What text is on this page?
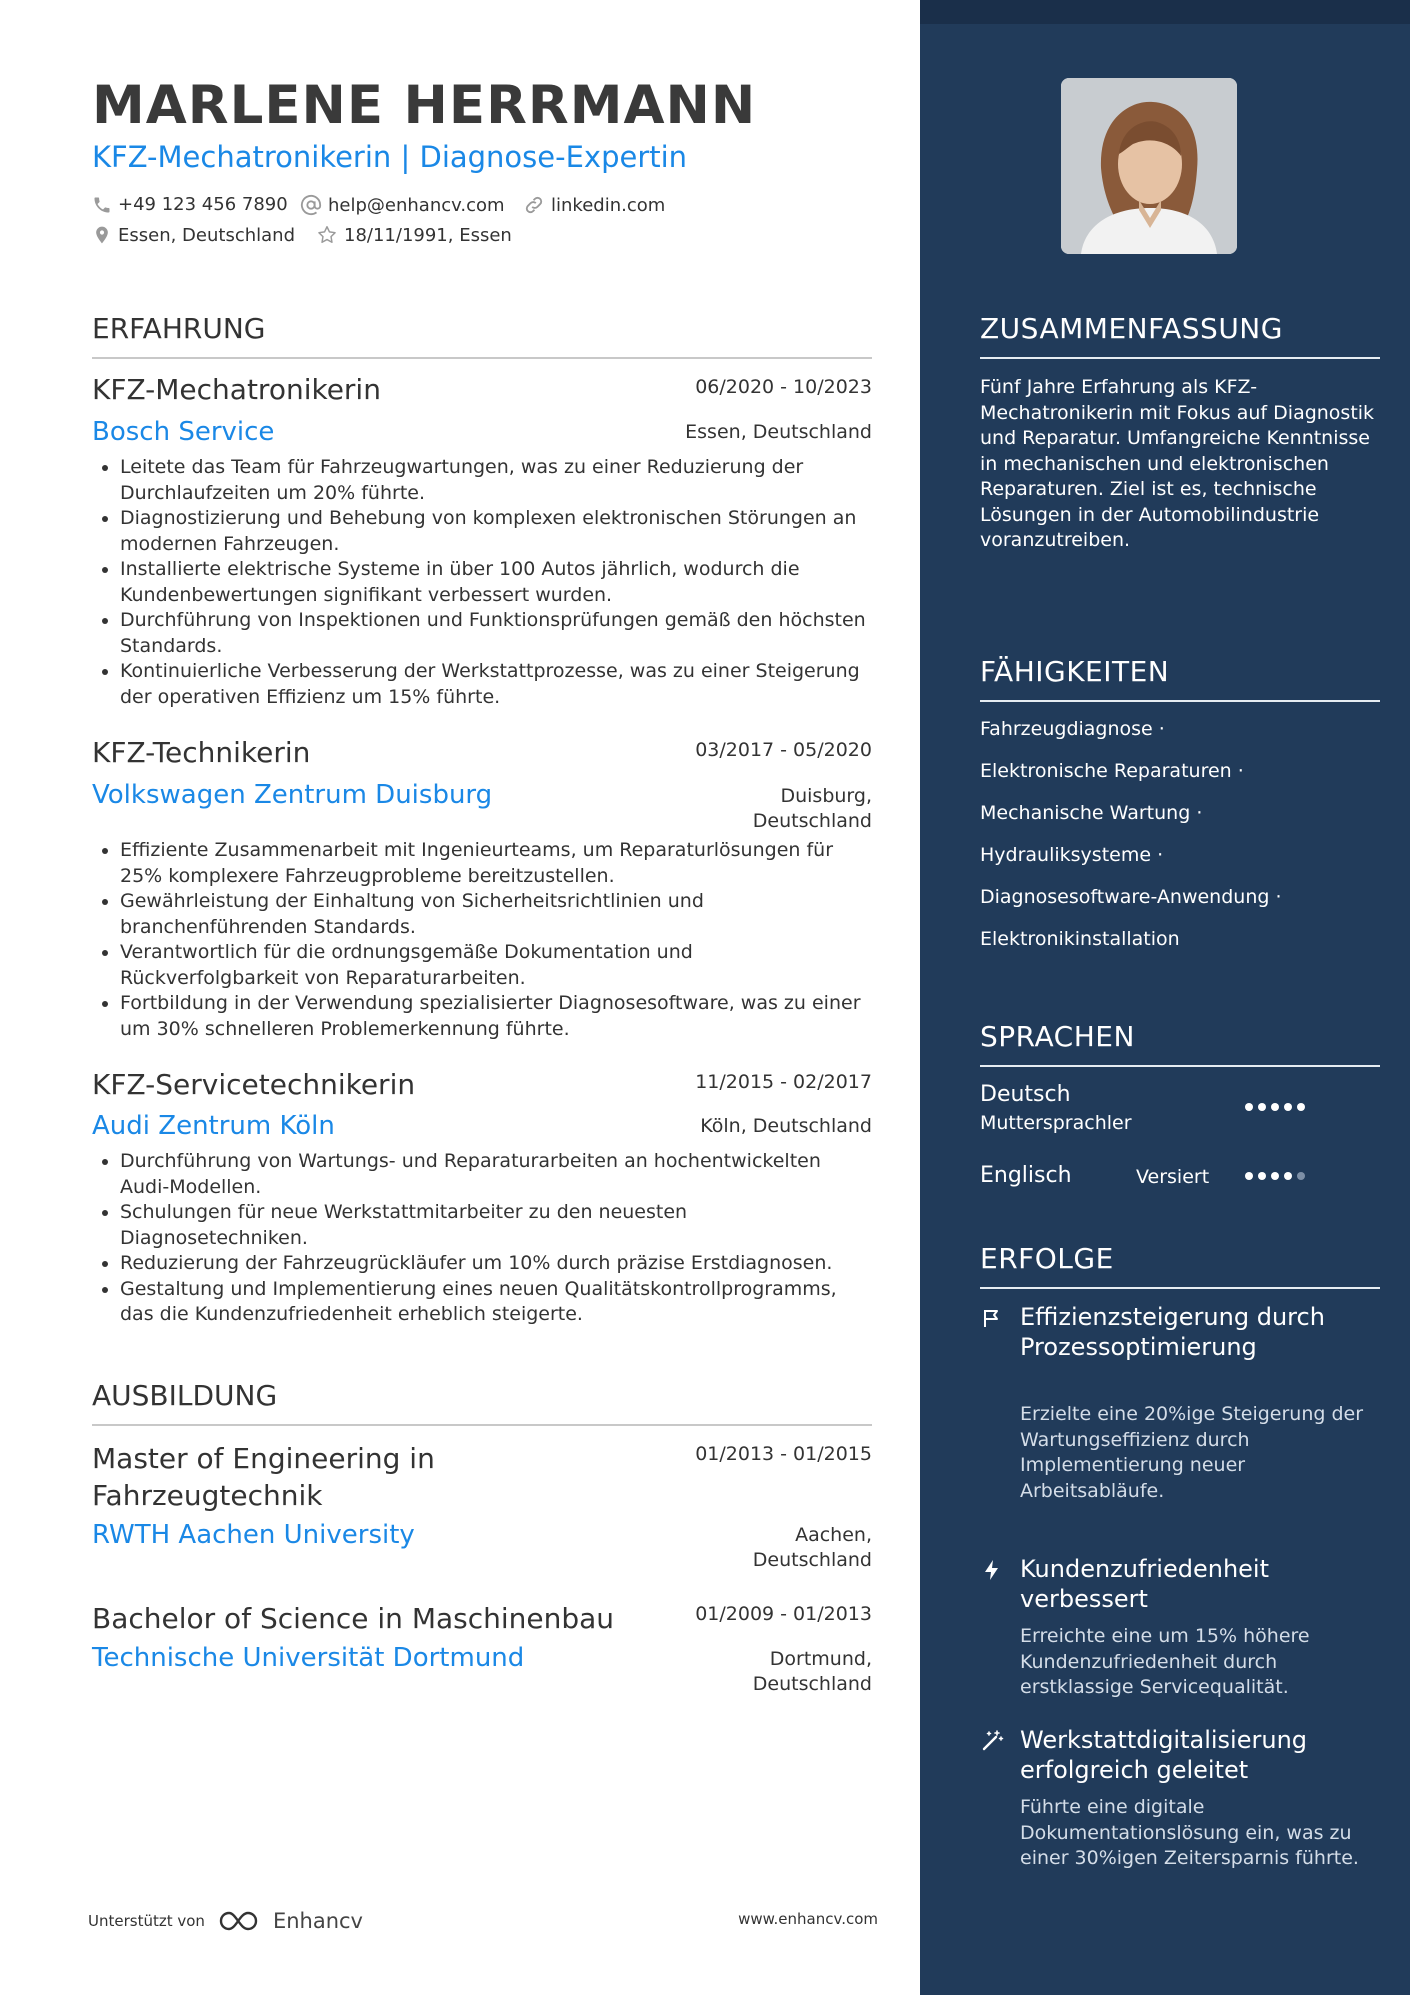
MARLENE HERRMANN
KFZ-Mechatronikerin | Diagnose-Expertin
+49 123 456 7890 help@enhancv.com	linkedin.com
Essen, Deutschland	18/11/1991, Essen
ERFAHRUNG
KFZ-Mechatronikerin	06/2020 - 10/2023
Bosch Service	Essen, Deutschland
• Leitete das Team für Fahrzeugwartungen, was zu einer Reduzierung der Durchlaufzeiten um 20% führte.
• Diagnostizierung und Behebung von komplexen elektronischen Störungen an modernen Fahrzeugen.
• Installierte elektrische Systeme in über 100 Autos jährlich, wodurch die Kundenbewertungen signifikant verbessert wurden.
• Durchführung von Inspektionen und Funktionsprüfungen gemäß den höchsten Standards.
• Kontinuierliche Verbesserung der Werkstattprozesse, was zu einer Steigerung der operativen Effizienz um 15% führte.
KFZ-Technikerin	03/2017 - 05/2020
Volkswagen Zentrum Duisburg	Duisburg,
Deutschland
• Effiziente Zusammenarbeit mit Ingenieurteams, um Reparaturlösungen für 25% komplexere Fahrzeugprobleme bereitzustellen.
• Gewährleistung der Einhaltung von Sicherheitsrichtlinien und branchenführenden Standards.
• Verantwortlich für die ordnungsgemäße Dokumentation und Rückverfolgbarkeit von Reparaturarbeiten.
• Fortbildung in der Verwendung spezialisierter Diagnosesoftware, was zu einer um 30% schnelleren Problemerkennung führte.
KFZ-Servicetechnikerin	11/2015 - 02/2017
Audi Zentrum Köln	Köln, Deutschland
• Durchführung von Wartungs- und Reparaturarbeiten an hochentwickelten Audi-Modellen.
• Schulungen für neue Werkstattmitarbeiter zu den neuesten Diagnosetechniken.
• Reduzierung der Fahrzeugrückläufer um 10% durch präzise Erstdiagnosen.
• Gestaltung und Implementierung eines neuen Qualitätskontrollprogramms, das die Kundenzufriedenheit erheblich steigerte.
AUSBILDUNG
Master of Engineering in
Fahrzeugtechnik
01/2013 - 01/2015
RWTH Aachen University	Aachen,
Deutschland
Bachelor of Science in Maschinenbau	01/2009 - 01/2013
Technische Universität Dortmund	Dortmund,
Deutschland
Unterstützt von	Enhancv	www.enhancv.com
ZUSAMMENFASSUNG
Fünf Jahre Erfahrung als KFZ-Mechatronikerin mit Fokus auf Diagnostik und Reparatur. Umfangreiche Kenntnisse in mechanischen und elektronischen Reparaturen. Ziel ist es, technische Lösungen in der Automobilindustrie voranzutreiben.
FÄHIGKEITEN
Fahrzeugdiagnose ·
Elektronische Reparaturen ·
Mechanische Wartung ·
Hydrauliksysteme ·
Diagnosesoftware-Anwendung ·
Elektronikinstallation
SPRACHEN
Deutsch
Muttersprachler
Englisch	Versiert
ERFOLGE
Effizienzsteigerung durch Prozessoptimierung
Erzielte eine 20%ige Steigerung der Wartungseffizienz durch Implementierung neuer Arbeitsabläufe.
Kundenzufriedenheit verbessert
Erreichte eine um 15% höhere Kundenzufriedenheit durch erstklassige Servicequalität.
Werkstattdigitalisierung erfolgreich geleitet
Führte eine digitale Dokumentationslösung ein, was zu einer 30%igen Zeitersparnis führte.
